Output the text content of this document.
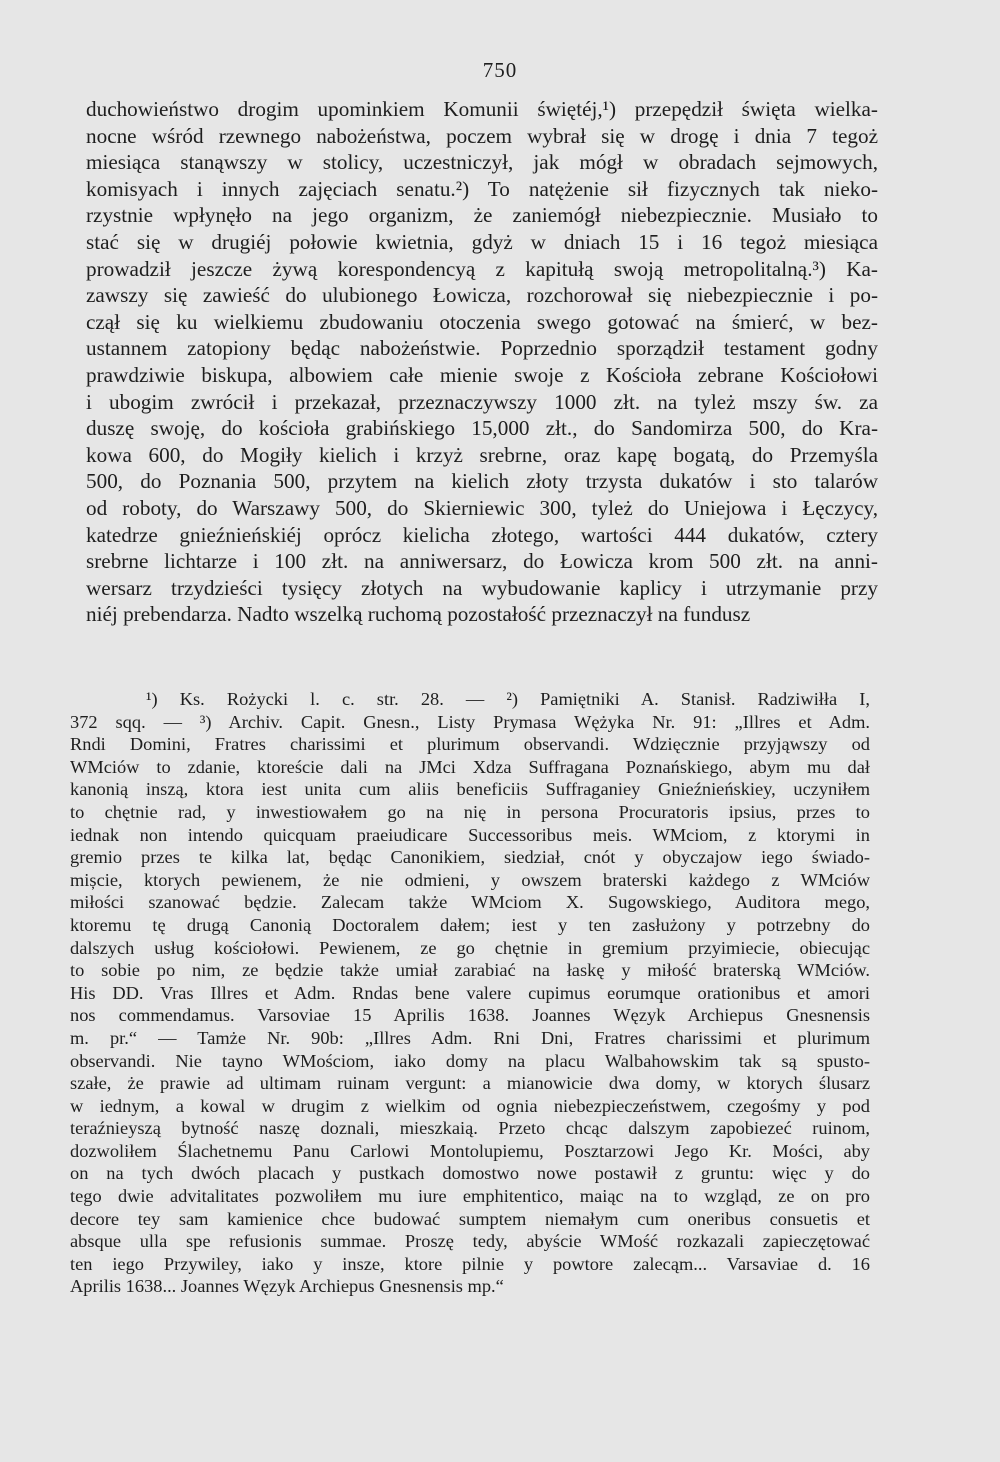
750
duchowieństwo drogim upominkiem Komunii świętéj,¹) przepędził święta wielka-
nocne wśród rzewnego nabożeństwa, poczem wybrał się w drogę i dnia 7 tegoż
miesiąca stanąwszy w stolicy, uczestniczył, jak mógł w obradach sejmowych,
komisyach i innych zajęciach senatu.²) To natężenie sił fizycznych tak nieko-
rzystnie wpłynęło na jego organizm, że zaniemógł niebezpiecznie. Musiało to
stać się w drugiéj połowie kwietnia, gdyż w dniach 15 i 16 tegoż miesiąca
prowadził jeszcze żywą korespondencyą z kapitułą swoją metropolitalną.³) Ka-
zawszy się zawieść do ulubionego Łowicza, rozchorował się niebezpiecznie i po-
czął się ku wielkiemu zbudowaniu otoczenia swego gotować na śmierć, w bez-
ustannem zatopiony będąc nabożeństwie. Poprzednio sporządził testament godny
prawdziwie biskupa, albowiem całe mienie swoje z Kościoła zebrane Kościołowi
i ubogim zwrócił i przekazał, przeznaczywszy 1000 złt. na tyleż mszy św. za
duszę swoję, do kościoła grabińskiego 15,000 złt., do Sandomirza 500, do Kra-
kowa 600, do Mogiły kielich i krzyż srebrne, oraz kapę bogatą, do Przemyśla
500, do Poznania 500, przytem na kielich złoty trzysta dukatów i sto talarów
od roboty, do Warszawy 500, do Skierniewic 300, tyleż do Uniejowa i Łęczycy,
katedrze gnieźnieńskiéj oprócz kielicha złotego, wartości 444 dukatów, cztery
srebrne lichtarze i 100 złt. na anniwersarz, do Łowicza krom 500 złt. na anni-
wersarz trzydzieści tysięcy złotych na wybudowanie kaplicy i utrzymanie przy
niéj prebendarza. Nadto wszelką ruchomą pozostałość przeznaczył na fundusz
¹) Ks. Rożycki l. c. str. 28. — ²) Pamiętniki A. Stanisł. Radziwiłła I,
372 sqq. — ³) Archiv. Capit. Gnesn., Listy Prymasa Wężyka Nr. 91: „Illres et Adm.
Rndi Domini, Fratres charissimi et plurimum observandi. Wdzięcznie przyjąwszy od
WMciów to zdanie, ktoreście dali na JMci Xdza Suffragana Poznańskiego, abym mu dał
kanonią inszą, ktora iest unita cum aliis beneficiis Suffraganiey Gnieźnieńskiey, uczyniłem
to chętnie rad, y inwestiowałem go na nię in persona Procuratoris ipsius, przes to
iednak non intendo quicquam praeiudicare Successoribus meis. WMciom, z ktorymi in
gremio przes te kilka lat, będąc Canonikiem, siedział, cnót y obyczajow iego świado-
mișcie, ktorych pewienem, że nie odmieni, y owszem braterski każdego z WMciów
miłości szanować będzie. Zalecam także WMciom X. Sugowskiego, Auditora mego,
ktoremu tę drugą Canonią Doctoralem dałem; iest y ten zasłużony y potrzebny do
dalszych usług kościołowi. Pewienem, ze go chętnie in gremium przyimiecie, obiecując
to sobie po nim, ze będzie także umiał zarabiać na łaskę y miłość braterską WMciów.
His DD. Vras Illres et Adm. Rndas bene valere cupimus eorumque orationibus et amori
nos commendamus. Varsoviae 15 Aprilis 1638. Joannes Węzyk Archiepus Gnesnensis
m. pr.“ — Tamże Nr. 90b: „Illres Adm. Rni Dni, Fratres charissimi et plurimum
observandi. Nie tayno WMościom, iako domy na placu Walbahowskim tak są spusto-
szałe, że prawie ad ultimam ruinam vergunt: a mianowicie dwa domy, w ktorych ślusarz
w iednym, a kowal w drugim z wielkim od ognia niebezpieczeństwem, czegośmy y pod
teraźnieyszą bytność naszę doznali, mieszkaią. Przeto chcąc dalszym zapobiezeć ruinom,
dozwoliłem Ślachetnemu Panu Carlowi Montolupiemu, Posztarzowi Jego Kr. Mości, aby
on na tych dwóch placach y pustkach domostwo nowe postawił z gruntu: więc y do
tego dwie advitalitates pozwoliłem mu iure emphitentico, maiąc na to wzgląd, ze on pro
decore tey sam kamienice chce budować sumptem niemałym cum oneribus consuetis et
absque ulla spe refusionis summae. Proszę tedy, abyście WMość rozkazali zapieczętować
ten iego Przywiley, iako y insze, ktore pilnie y powtore zalecąm... Varsaviae d. 16
Aprilis 1638... Joannes Węzyk Archiepus Gnesnensis mp.“
